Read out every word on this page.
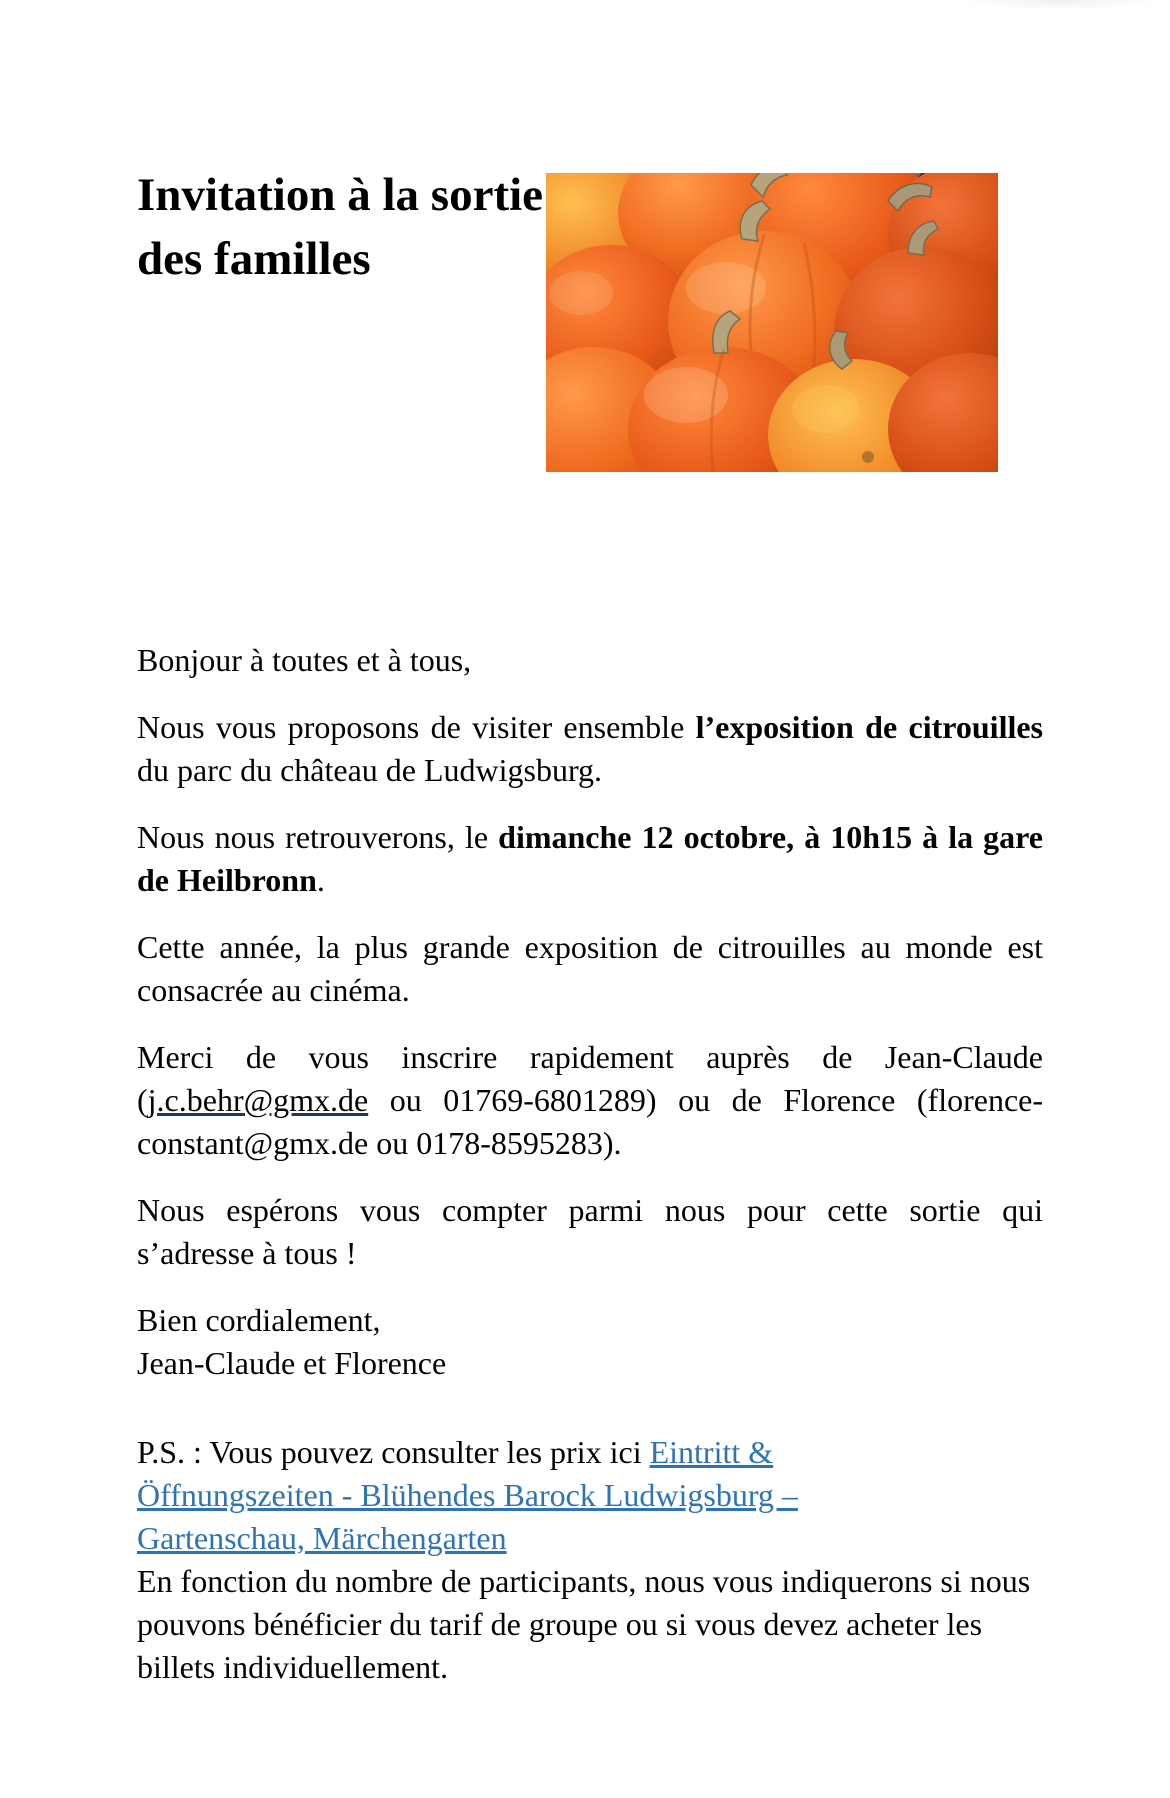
Invitation à la sortie
des familles

Bonjour à toutes et à tous,

Nous vous proposons de visiter ensemble l’exposition de citrouilles du parc du château de Ludwigsburg.

Nous nous retrouverons, le dimanche 12 octobre, à 10h15 à la gare de Heilbronn.

Cette année, la plus grande exposition de citrouilles au monde est consacrée au cinéma.

Merci de vous inscrire rapidement auprès de Jean-Claude (j.c.behr@gmx.de ou 01769-6801289) ou de Florence (florence-constant@gmx.de ou 0178-8595283).

Nous espérons vous compter parmi nous pour cette sortie qui s’adresse à tous !

Bien cordialement,
Jean-Claude et Florence

P.S. : Vous pouvez consulter les prix ici Eintritt &
Öffnungszeiten - Blühendes Barock Ludwigsburg –
Gartenschau, Märchengarten

En fonction du nombre de participants, nous vous indiquerons si nous pouvons bénéficier du tarif de groupe ou si vous devez acheter les billets individuellement.
